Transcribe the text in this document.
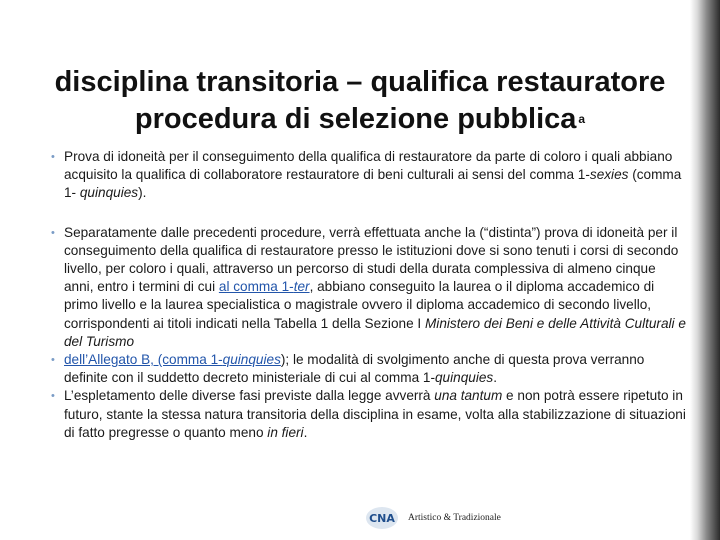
disciplina transitoria – qualifica restauratore
procedura di selezione pubblica $^a$
• Prova di idoneità per il conseguimento della qualifica di restauratore da parte di coloro i quali abbiano acquisito la qualifica di collaboratore restauratore di beni culturali ai sensi del comma 1-sexies (comma 1- quinquies).
• Separatamente dalle precedenti procedure, verrà effettuata anche la (“distinta”) prova di idoneità per il conseguimento della qualifica di restauratore presso le istituzioni dove si sono tenuti i corsi di secondo livello, per coloro i quali, attraverso un percorso di studi della durata complessiva di almeno cinque anni, entro i termini di cui al comma 1-ter, abbiano conseguito la laurea o il diploma accademico di primo livello e la laurea specialistica o magistrale ovvero il diploma accademico di secondo livello, corrispondenti ai titoli indicati nella Tabella 1 della Sezione I Ministero dei Beni e delle Attività Culturali e del Turismo
• dell’Allegato B, (comma 1-quinquies); le modalità di svolgimento anche di questa prova verranno definite con il suddetto decreto ministeriale di cui al comma 1-quinquies.
• L’espletamento delle diverse fasi previste dalla legge avverrà una tantum e non potrà essere ripetuto in futuro, stante la stessa natura transitoria della disciplina in esame, volta alla stabilizzazione di situazioni di fatto pregresse o quanto meno in fieri.
CNA Artistico & Tradizionale
